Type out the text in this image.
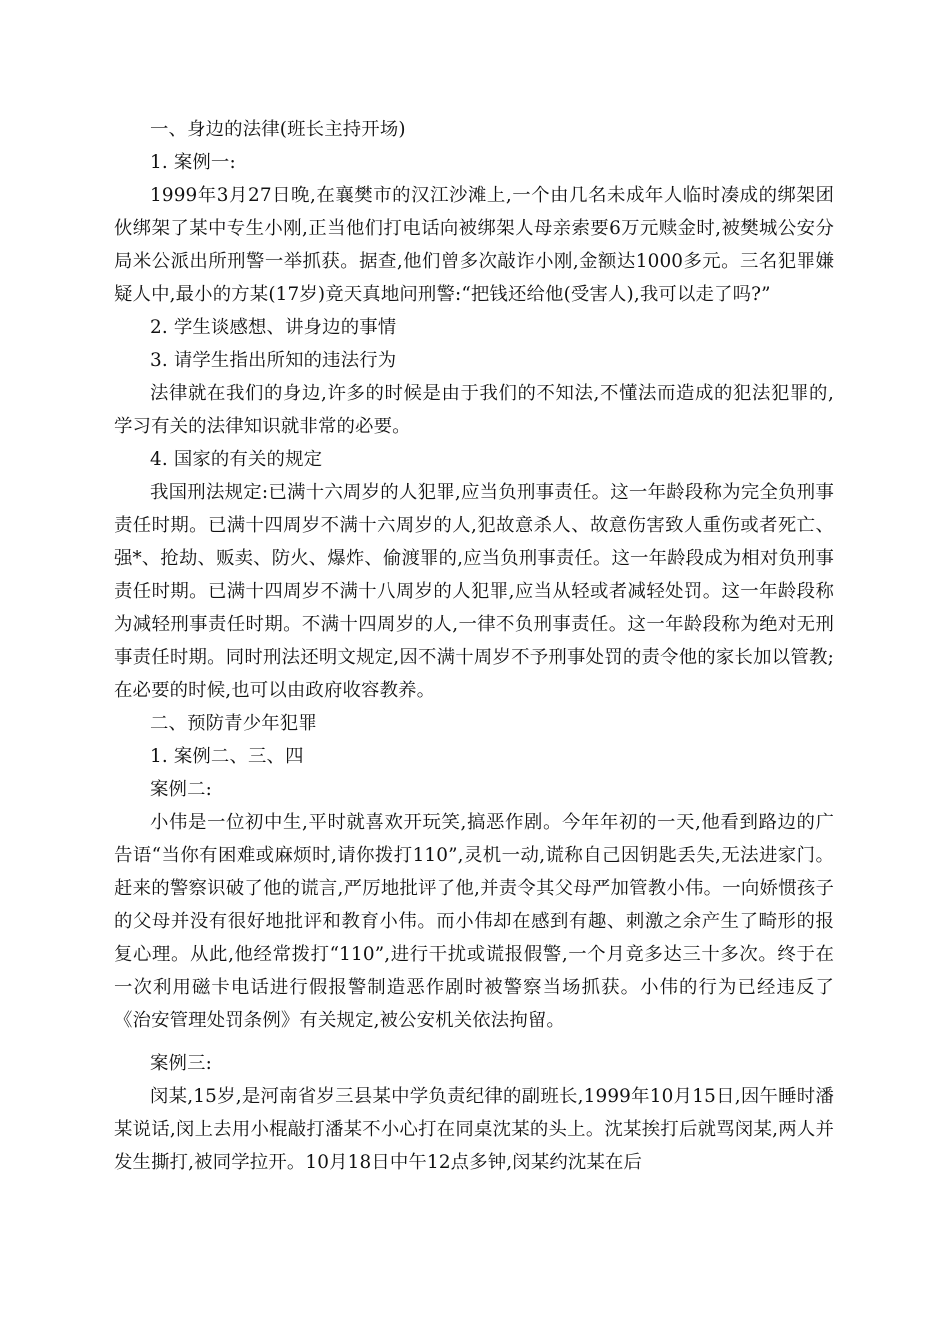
一、身边的法律(班长主持开场)

1. 案例一:

1999年3月27日晚,在襄樊市的汉江沙滩上,一个由几名未成年人临时凑成的绑架团伙绑架了某中专生小刚,正当他们打电话向被绑架人母亲索要6万元赎金时,被樊城公安分局米公派出所刑警一举抓获。据查,他们曾多次敲诈小刚,金额达1000多元。三名犯罪嫌疑人中,最小的方某(17岁)竟天真地问刑警:“把钱还给他(受害人),我可以走了吗?”

2. 学生谈感想、讲身边的事情

3. 请学生指出所知的违法行为

法律就在我们的身边,许多的时候是由于我们的不知法,不懂法而造成的犯法犯罪的,学习有关的法律知识就非常的必要。

4. 国家的有关的规定

我国刑法规定:已满十六周岁的人犯罪,应当负刑事责任。这一年龄段称为完全负刑事责任时期。已满十四周岁不满十六周岁的人,犯故意杀人、故意伤害致人重伤或者死亡、强*、抢劫、贩卖、防火、爆炸、偷渡罪的,应当负刑事责任。这一年龄段成为相对负刑事责任时期。已满十四周岁不满十八周岁的人犯罪,应当从轻或者减轻处罚。这一年龄段称为减轻刑事责任时期。不满十四周岁的人,一律不负刑事责任。这一年龄段称为绝对无刑事责任时期。同时刑法还明文规定,因不满十周岁不予刑事处罚的责令他的家长加以管教;在必要的时候,也可以由政府收容教养。

二、预防青少年犯罪

1. 案例二、三、四

案例二:

小伟是一位初中生,平时就喜欢开玩笑,搞恶作剧。今年年初的一天,他看到路边的广告语“当你有困难或麻烦时,请你拨打110”,灵机一动,谎称自己因钥匙丢失,无法进家门。赶来的警察识破了他的谎言,严厉地批评了他,并责令其父母严加管教小伟。一向娇惯孩子的父母并没有很好地批评和教育小伟。而小伟却在感到有趣、刺激之余产生了畸形的报复心理。从此,他经常拨打“110”,进行干扰或谎报假警,一个月竟多达三十多次。终于在一次利用磁卡电话进行假报警制造恶作剧时被警察当场抓获。小伟的行为已经违反了《治安管理处罚条例》有关规定,被公安机关依法拘留。

案例三:

闵某,15岁,是河南省岁三县某中学负责纪律的副班长,1999年10月15日,因午睡时潘某说话,闵上去用小棍敲打潘某不小心打在同桌沈某的头上。沈某挨打后就骂闵某,两人并发生撕打,被同学拉开。10月18日中午12点多钟,闵某约沈某在后
